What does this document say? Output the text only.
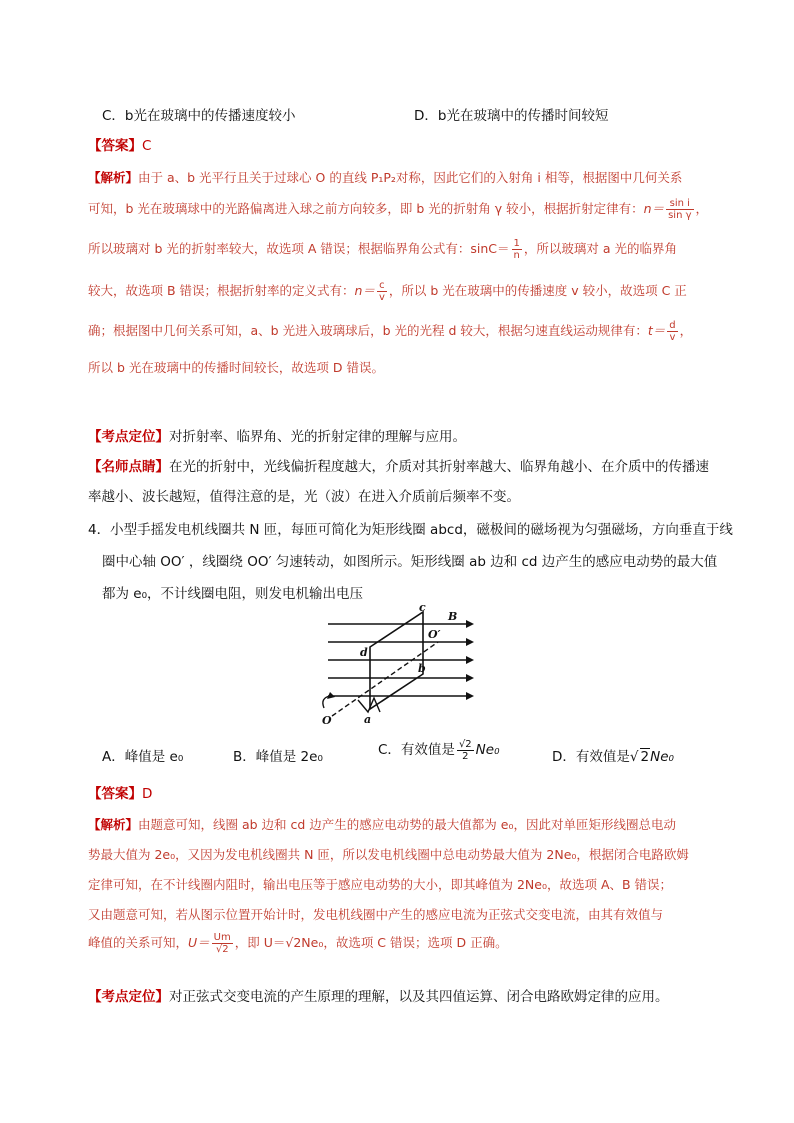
C．b光在玻璃中的传播速度较小	D．b光在玻璃中的传播时间较短
【答案】C
【解析】由于 a、b 光平行且关于过球心 O 的直线 P₁P₂对称，因此它们的入射角 i 相等，根据图中几何关系
可知，b 光在玻璃球中的光路偏离进入球之前方向较多，即 b 光的折射角 γ 较小，根据折射定律有：$n= \frac{\text{sin i}}{\text{sin γ}}$ ，
所以玻璃对 b 光的折射率较大，故选项 A 错误；根据临界角公式有：$\sin C= \frac{1}{n}$ ，所以玻璃对 a 光的临界角
较大，故选项 B 错误；根据折射率的定义式有：$n= \frac{c}{v}$ ，所以 b 光在玻璃中的传播速度 v 较小，故选项 C 正
确；根据图中几何关系可知，a、b 光进入玻璃球后，b 光的光程 d 较大，根据匀速直线运动规律有：$t= \frac{d}{v}$ ，
所以 b 光在玻璃中的传播时间较长，故选项 D 错误。
【考点定位】对折射率、临界角、光的折射定律的理解与应用。
【名师点睛】在光的折射中，光线偏折程度越大，介质对其折射率越大、临界角越小、在介质中的传播速
率越小、波长越短，值得注意的是，光（波）在进入介质前后频率不变。
4．小型手摇发电机线圈共 N 匝，每匝可简化为矩形线圈 abcd，磁极间的磁场视为匀强磁场，方向垂直于线
圈中心轴 OO′ ，线圈绕 OO′ 匀速转动，如图所示。矩形线圈 ab 边和 cd 边产生的感应电动势的最大值
都为 e₀，不计线圈电阻，则发电机输出电压
c
B
O′
d
b
O	a
A．峰值是 e₀	B．峰值是 2e₀	C．有效值是 $\frac{√2}{2} Ne_0$	D．有效值是√ 2Ne₀
【答案】D
【解析】由题意可知，线圈 ab 边和 cd 边产生的感应电动势的最大值都为 e₀，因此对单匝矩形线圈总电动
势最大值为 2e₀，又因为发电机线圈共 N 匝，所以发电机线圈中总电动势最大值为 2Ne₀，根据闭合电路欧姆
定律可知，在不计线圈内阻时，输出电压等于感应电动势的大小，即其峰值为 2Ne₀，故选项 A、B 错误；
又由题意可知，若从图示位置开始计时，发电机线圈中产生的感应电流为正弦式交变电流，由其有效值与
峰值的关系可知，$U= \frac{Um}{√2}$ ，即 U＝√2Ne₀，故选项 C 错误；选项 D 正确。
【考点定位】对正弦式交变电流的产生原理的理解，以及其四值运算、闭合电路欧姆定律的应用。
